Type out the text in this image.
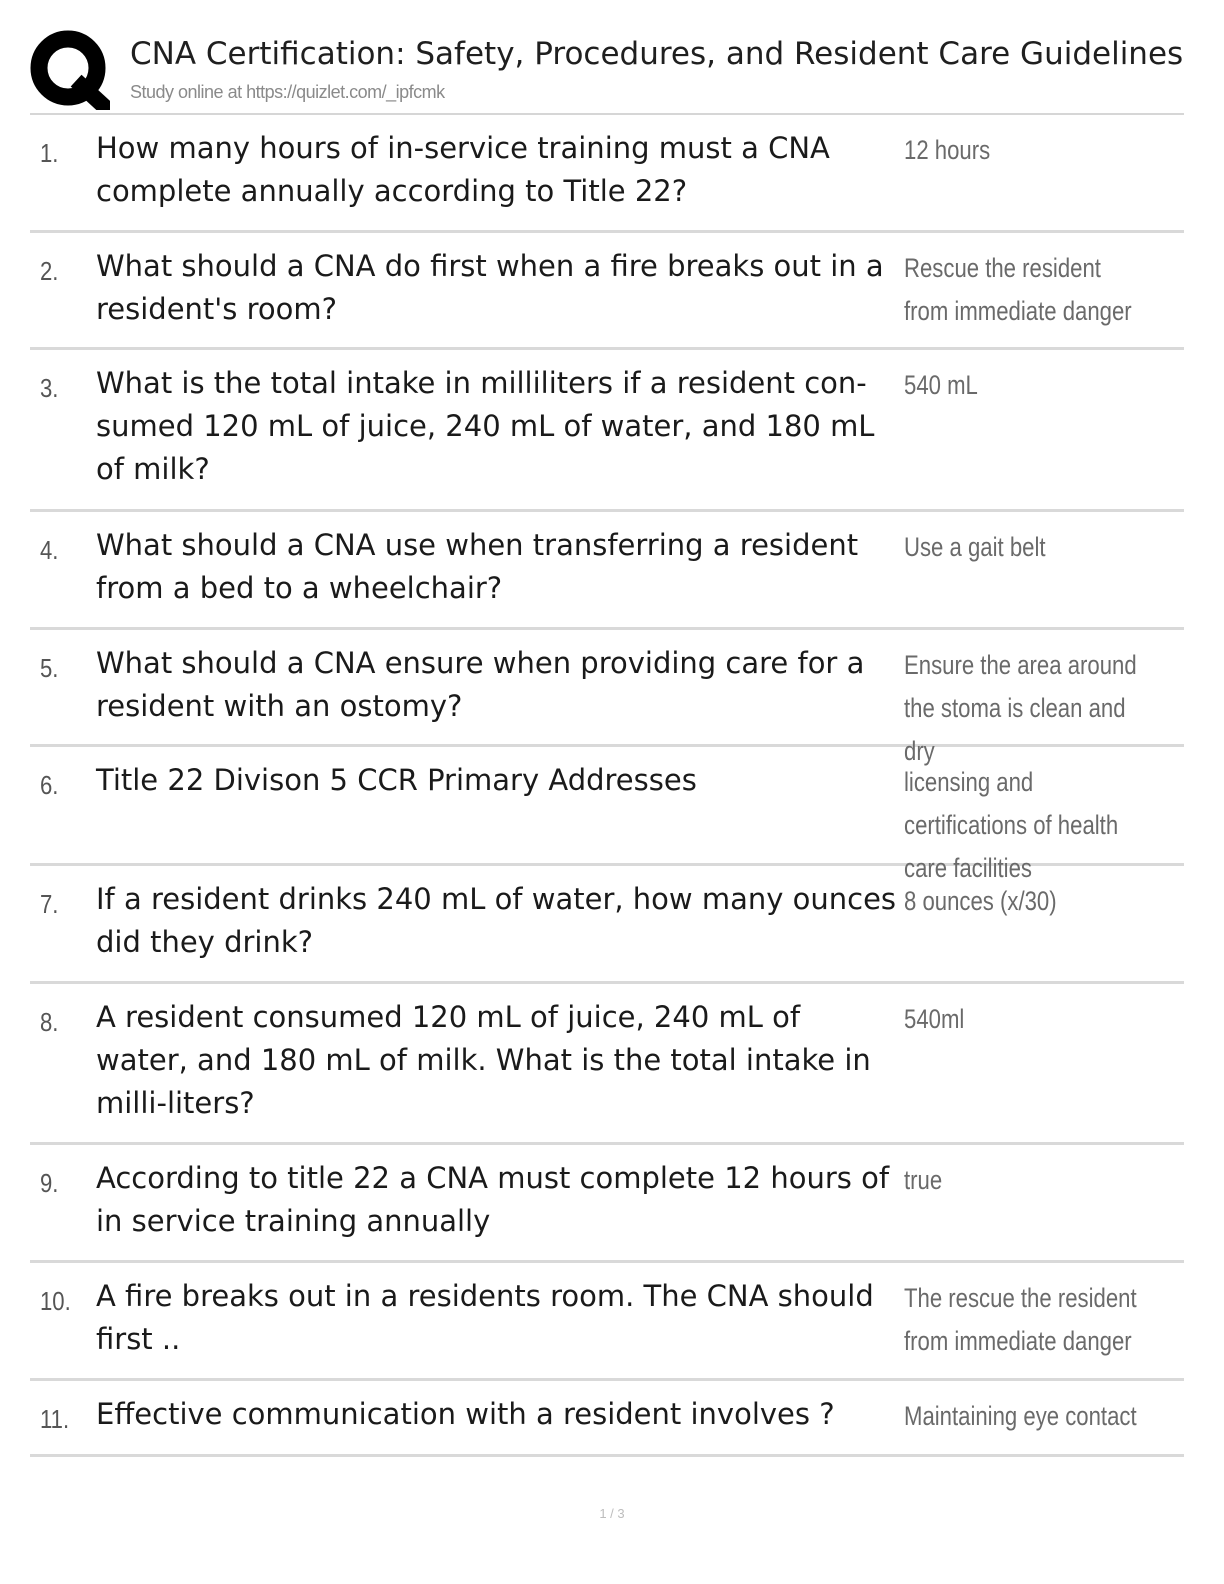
CNA Certification: Safety, Procedures, and Resident Care Guidelines
Study online at https://quizlet.com/_ipfcmk
1. How many hours of in-service training must a CNA complete annually according to Title 22?
12 hours
2. What should a CNA do first when a fire breaks out in a resident's room?
Rescue the resident from immediate danger
3. What is the total intake in milliliters if a resident con-sumed 120 mL of juice, 240 mL of water, and 180 mL of milk?
540 mL
4. What should a CNA use when transferring a resident from a bed to a wheelchair?
Use a gait belt
5. What should a CNA ensure when providing care for a resident with an ostomy?
Ensure the area around the stoma is clean and dry
6. Title 22 Divison 5 CCR Primary Addresses	licensing and certifications of health care facilities
7. If a resident drinks 240 mL of water, how many ounces did they drink?
8 ounces (x/30)
8. A resident consumed 120 mL of juice, 240 mL of water, and 180 mL of milk. What is the total intake in milli-liters?
540ml
9. According to title 22 a CNA must complete 12 hours of in service training annually
true
10. A fire breaks out in a residents room. The CNA should first ..
The rescue the resident from immediate danger
11. Effective communication with a resident involves ?	Maintaining eye contact
1 / 3
